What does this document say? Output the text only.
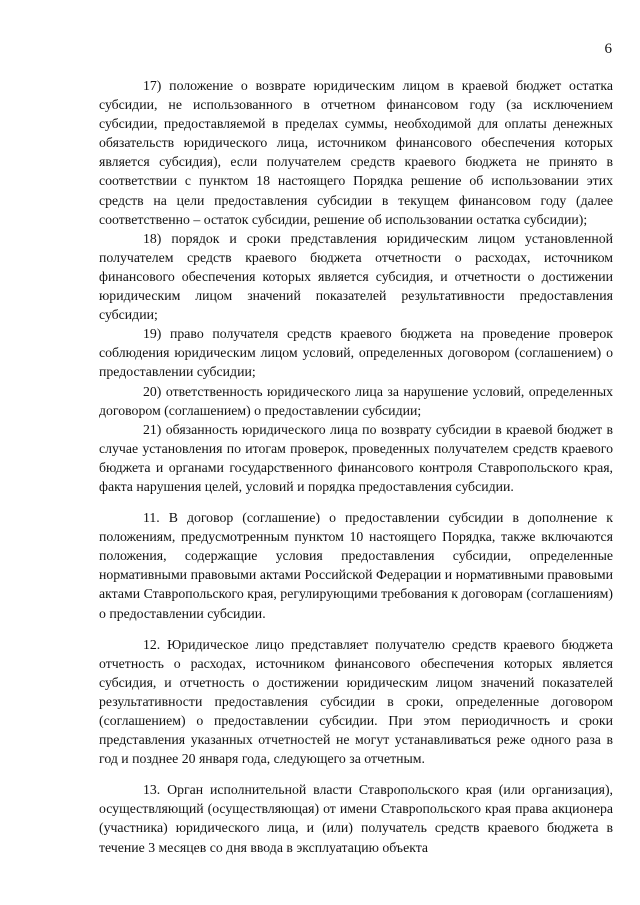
6

17) положение о возврате юридическим лицом в краевой бюджет остатка субсидии, не использованного в отчетном финансовом году (за исключением субсидии, предоставляемой в пределах суммы, необходимой для оплаты денежных обязательств юридического лица, источником финансового обеспечения которых является субсидия), если получателем средств краевого бюджета не принято в соответствии с пунктом 18 настоящего Порядка решение об использовании этих средств на цели предоставления субсидии в текущем финансовом году (далее соответственно – остаток субсидии, решение об использовании остатка субсидии);

18) порядок и сроки представления юридическим лицом установленной получателем средств краевого бюджета отчетности о расходах, источником финансового обеспечения которых является субсидия, и отчетности о достижении юридическим лицом значений показателей результативности предоставления субсидии;

19) право получателя средств краевого бюджета на проведение проверок соблюдения юридическим лицом условий, определенных договором (соглашением) о предоставлении субсидии;

20) ответственность юридического лица за нарушение условий, определенных договором (соглашением) о предоставлении субсидии;

21) обязанность юридического лица по возврату субсидии в краевой бюджет в случае установления по итогам проверок, проведенных получателем средств краевого бюджета и органами государственного финансового контроля Ставропольского края, факта нарушения целей, условий и порядка предоставления субсидии.

11. В договор (соглашение) о предоставлении субсидии в дополнение к положениям, предусмотренным пунктом 10 настоящего Порядка, также включаются положения, содержащие условия предоставления субсидии, определенные нормативными правовыми актами Российской Федерации и нормативными правовыми актами Ставропольского края, регулирующими требования к договорам (соглашениям) о предоставлении субсидии.

12. Юридическое лицо представляет получателю средств краевого бюджета отчетность о расходах, источником финансового обеспечения которых является субсидия, и отчетность о достижении юридическим лицом значений показателей результативности предоставления субсидии в сроки, определенные договором (соглашением) о предоставлении субсидии. При этом периодичность и сроки представления указанных отчетностей не могут устанавливаться реже одного раза в год и позднее 20 января года, следующего за отчетным.

13. Орган исполнительной власти Ставропольского края (или организация), осуществляющий (осуществляющая) от имени Ставропольского края права акционера (участника) юридического лица, и (или) получатель средств краевого бюджета в течение 3 месяцев со дня ввода в эксплуатацию объекта
